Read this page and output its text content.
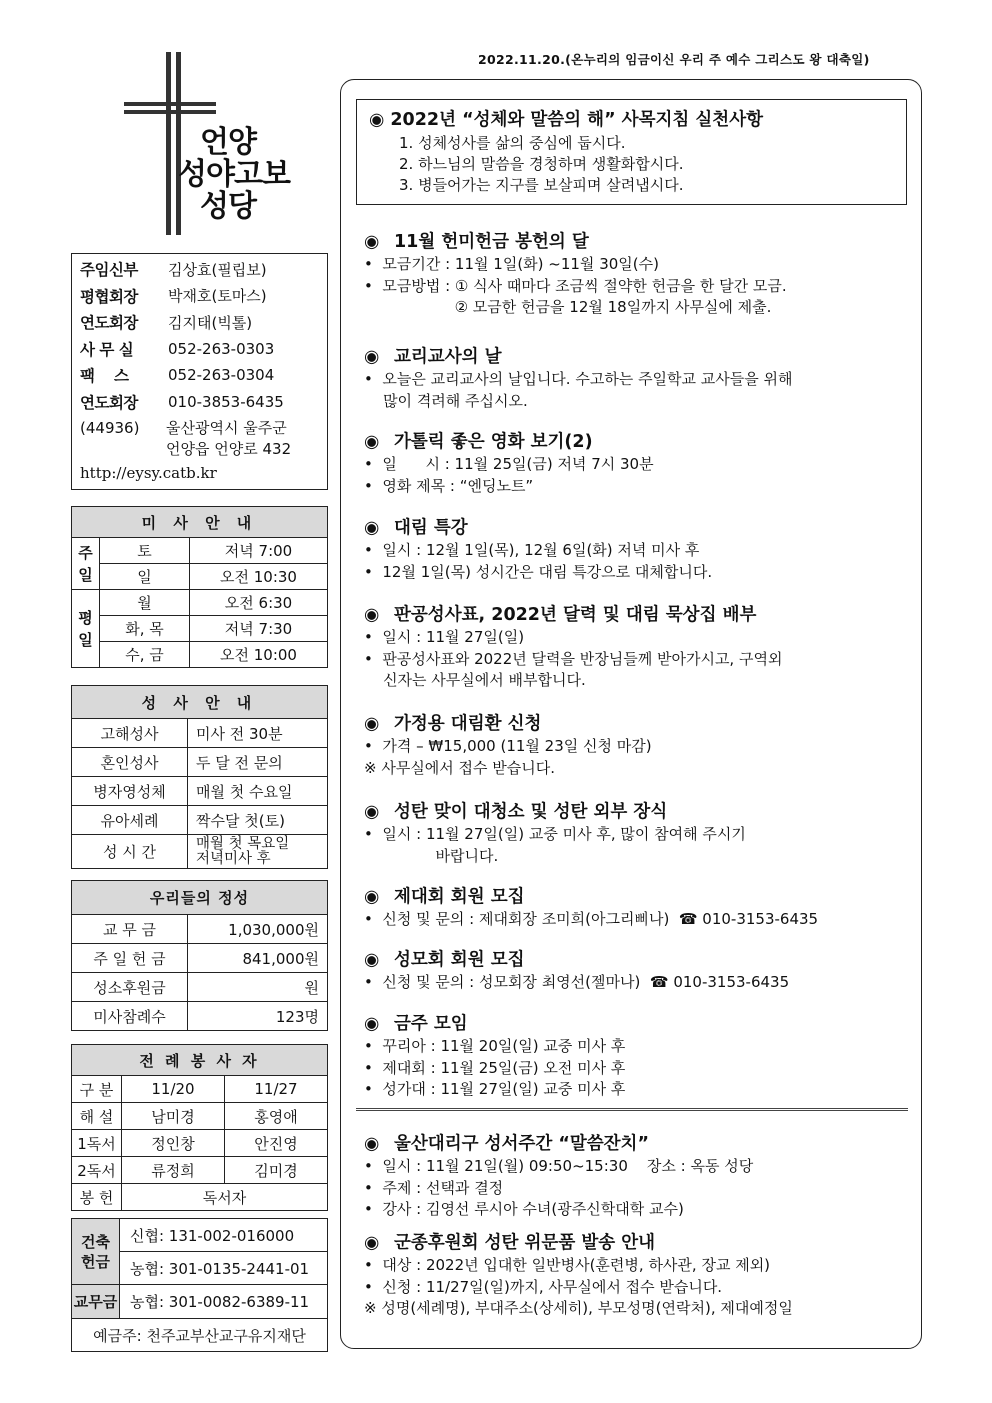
2022.11.20.(온누리의 임금이신 우리 주 예수 그리스도 왕 대축일)
언양
성야고보
성당
주임신부	김상효(필립보)
평협회장	박재호(토마스)
연도회장	김지태(빅톨)
사 무 실	052-263-0303
팩    스	052-263-0304
연도회장	010-3853-6435
(44936)	울산광역시 울주군
언양읍 언양로 432
http://eysy.catb.kr
미 사 안 내		
주일	토	저녁 7:00
	일	오전 10:30
평일	월	오전 6:30
	화, 목	저녁 7:30
	수, 금	오전 10:00
성 사 안 내	
고해성사	미사 전 30분
혼인성사	두 달 전 문의
병자영성체	매월 첫 수요일
유아세례	짝수달 첫(토)
성 시 간	매월 첫 목요일
저녁미사 후
우리들의 정성	
교 무 금	1,030,000원
주 일 헌 금	841,000원
성소후원금	원
미사참례수	123명
전 례 봉 사 자		
구 분	11/20	11/27
해 설	남미경	홍영애
1독서	정인창	안진영
2독서	류정희	김미경
봉 헌	독서자	
건축헌금	신협: 131-002-016000
	농협: 301-0135-2441-01
교무금	농협: 301-0082-6389-11
예금주: 천주교부산교구유지재단	
◉ 2022년 “성체와 말씀의 해” 사목지침 실천사항
1. 성체성사를 삶의 중심에 둡시다.
2. 하느님의 말씀을 경청하며 생활화합시다.
3. 병들어가는 지구를 보살피며 살려냅시다.
◉ 11월 헌미헌금 봉헌의 달
•  모금기간 : 11월 1일(화) ~11월 30일(수)
•  모금방법 : ① 식사 때마다 조금씩 절약한 헌금을 한 달간 모금.
② 모금한 헌금을 12월 18일까지 사무실에 제출.
◉ 교리교사의 날
•  오늘은 교리교사의 날입니다. 수고하는 주일학교 교사들을 위해
많이 격려해 주십시오.
◉ 가톨릭 좋은 영화 보기(2)
•  일      시 : 11월 25일(금) 저녁 7시 30분
•  영화 제목 : “엔딩노트”
◉ 대림 특강
•  일시 : 12월 1일(목), 12월 6일(화) 저녁 미사 후
•  12월 1일(목) 성시간은 대림 특강으로 대체합니다.
◉ 판공성사표, 2022년 달력 및 대림 묵상집 배부
•  일시 : 11월 27일(일)
•  판공성사표와 2022년 달력을 반장님들께 받아가시고, 구역외
신자는 사무실에서 배부합니다.
◉ 가정용 대림환 신청
•  가격 – ₩15,000 (11월 23일 신청 마감)
※ 사무실에서 접수 받습니다.
◉ 성탄 맞이 대청소 및 성탄 외부 장식
•  일시 : 11월 27일(일) 교중 미사 후, 많이 참여해 주시기
바랍니다.
◉ 제대회 회원 모집
•  신청 및 문의 : 제대회장 조미희(아그리삐나)  ☎ 010-3153-6435
◉ 성모회 회원 모집
•  신청 및 문의 : 성모회장 최영선(젤마나)  ☎ 010-3153-6435
◉ 금주 모임
•  꾸리아 : 11월 20일(일) 교중 미사 후
•  제대회 : 11월 25일(금) 오전 미사 후
•  성가대 : 11월 27일(일) 교중 미사 후
◉ 울산대리구 성서주간 “말씀잔치”
•  일시 : 11월 21일(월) 09:50~15:30    장소 : 옥동 성당
•  주제 : 선택과 결정
•  강사 : 김영선 루시아 수녀(광주신학대학 교수)
◉ 군종후원회 성탄 위문품 발송 안내
•  대상 : 2022년 입대한 일반병사(훈련병, 하사관, 장교 제외)
•  신청 : 11/27일(일)까지, 사무실에서 접수 받습니다.
※ 성명(세례명), 부대주소(상세히), 부모성명(연락처), 제대예정일
